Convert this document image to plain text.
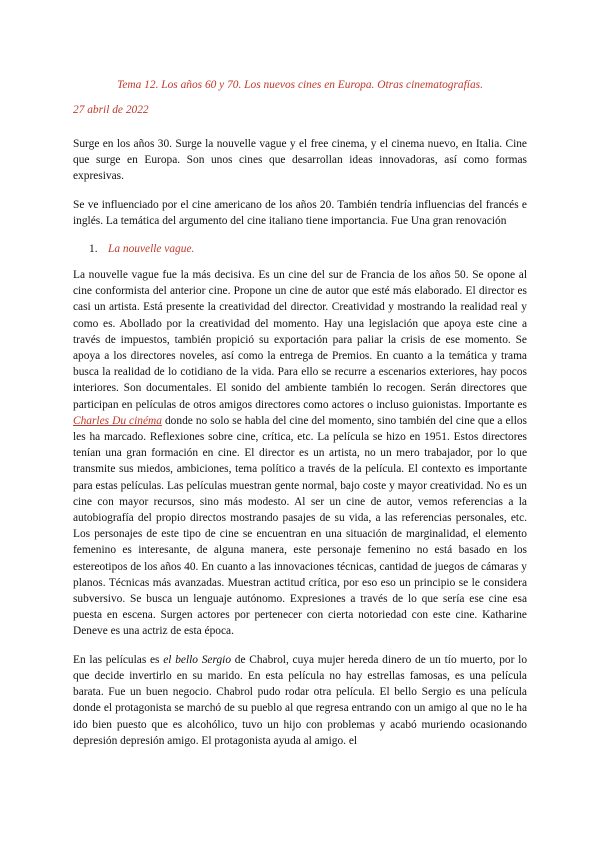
Tema 12. Los años 60 y 70. Los nuevos cines en Europa. Otras cinematografías.
27 abril de 2022

Surge en los años 30. Surge la nouvelle vague y el free cinema, y el cinema nuevo, en Italia. Cine que surge en Europa. Son unos cines que desarrollan ideas innovadoras, así como formas expresivas.

Se ve influenciado por el cine americano de los años 20. También tendría influencias del francés e inglés. La temática del argumento del cine italiano tiene importancia. Fue Una gran renovación

1. La nouvelle vague.

La nouvelle vague fue la más decisiva. Es un cine del sur de Francia de los años 50. Se opone al cine conformista del anterior cine. Propone un cine de autor que esté más elaborado. El director es casi un artista. Está presente la creatividad del director. Creatividad y mostrando la realidad real y como es. Abollado por la creatividad del momento. Hay una legislación que apoya este cine a través de impuestos, también propició su exportación para paliar la crisis de ese momento. Se apoya a los directores noveles, así como la entrega de Premios. En cuanto a la temática y trama busca la realidad de lo cotidiano de la vida. Para ello se recurre a escenarios exteriores, hay pocos interiores. Son documentales. El sonido del ambiente también lo recogen. Serán directores que participan en películas de otros amigos directores como actores o incluso guionistas. Importante es Charles Du cinéma donde no solo se habla del cine del momento, sino también del cine que a ellos les ha marcado. Reflexiones sobre cine, crítica, etc. La película se hizo en 1951. Estos directores tenían una gran formación en cine. El director es un artista, no un mero trabajador, por lo que transmite sus miedos, ambiciones, tema político a través de la película. El contexto es importante para estas películas. Las películas muestran gente normal, bajo coste y mayor creatividad. No es un cine con mayor recursos, sino más modesto. Al ser un cine de autor, vemos referencias a la autobiografía del propio directos mostrando pasajes de su vida, a las referencias personales, etc. Los personajes de este tipo de cine se encuentran en una situación de marginalidad, el elemento femenino es interesante, de alguna manera, este personaje femenino no está basado en los estereotipos de los años 40. En cuanto a las innovaciones técnicas, cantidad de juegos de cámaras y planos. Técnicas más avanzadas. Muestran actitud crítica, por eso eso un principio se le considera subversivo. Se busca un lenguaje autónomo. Expresiones a través de lo que sería ese cine esa puesta en escena. Surgen actores por pertenecer con cierta notoriedad con este cine. Katharine Deneve es una actriz de esta época.

En las películas es el bello Sergio de Chabrol, cuya mujer hereda dinero de un tío muerto, por lo que decide invertirlo en su marido. En esta película no hay estrellas famosas, es una película barata. Fue un buen negocio. Chabrol pudo rodar otra película. El bello Sergio es una película donde el protagonista se marchó de su pueblo al que regresa entrando con un amigo al que no le ha ido bien puesto que es alcohólico, tuvo un hijo con problemas y acabó muriendo ocasionando depresión depresión amigo. El protagonista ayuda al amigo. el
